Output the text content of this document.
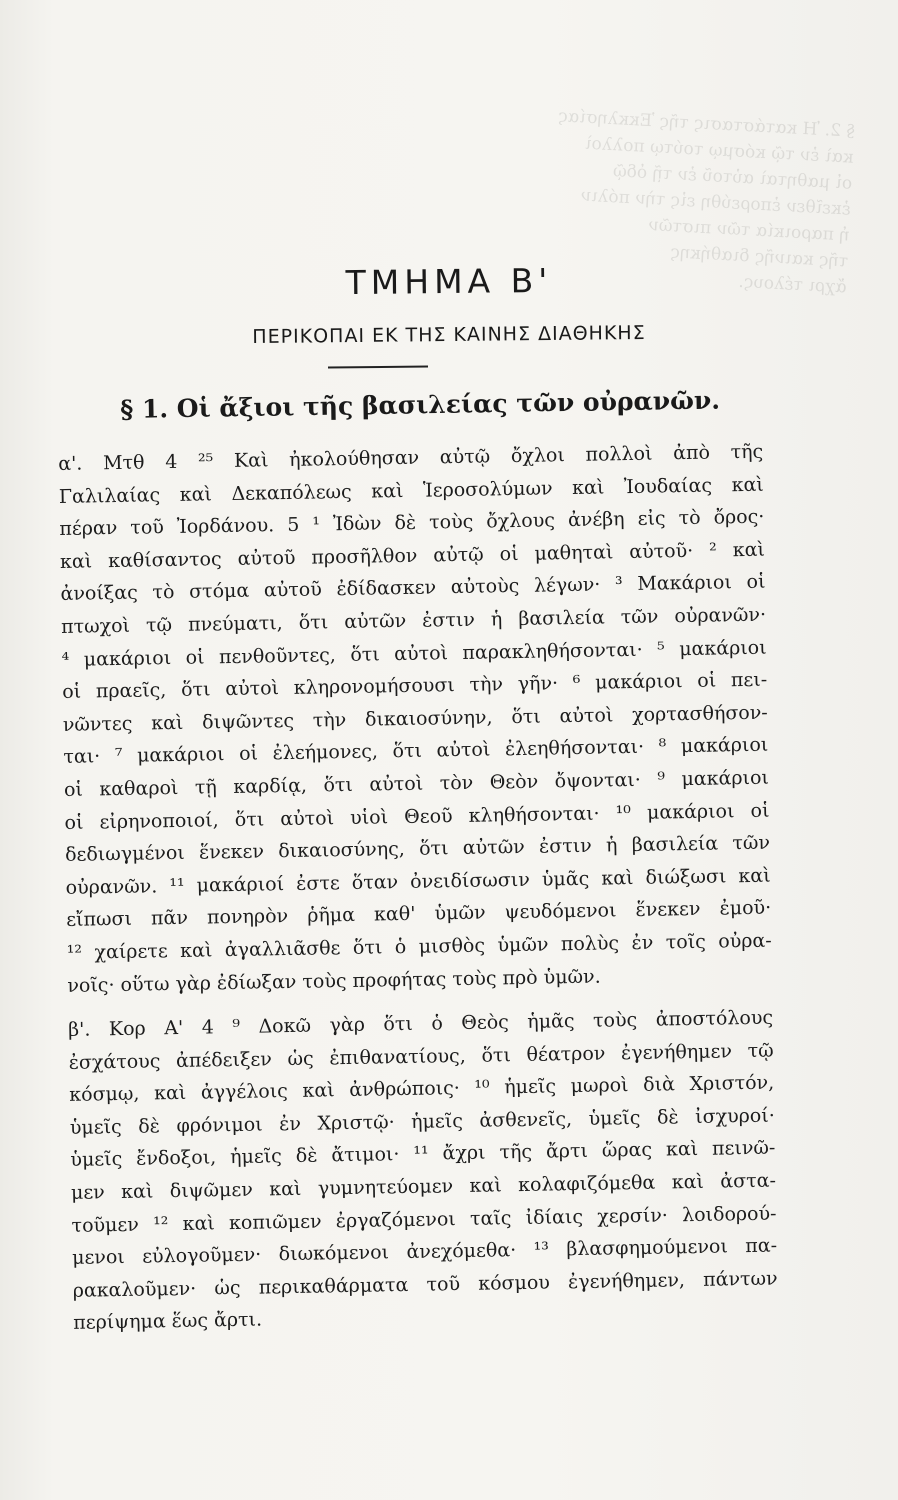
§ 2. Ἡ κατάστασις τῆς Ἐκκλησίας
καὶ ἐν τῷ κόσμῳ τούτῳ πολλοὶ
οἱ μαθηταὶ αὐτοῦ ἐν τῇ ὁδῷ
ἐκεῖθεν ἐπορεύθη εἰς τὴν πόλιν
ἡ παροικία τῶν πιστῶν
τῆς καινῆς διαθήκης
ἄχρι τέλους.
ΤΜΗΜΑ Β'
ΠΕΡΙΚΟΠΑΙ ΕΚ ΤΗΣ ΚΑΙΝΗΣ ΔΙΑΘΗΚΗΣ
§ 1. Οἱ ἄξιοι τῆς βασιλείας τῶν οὐρανῶν.
α'. Μτθ 4 ²⁵ Καὶ ἠκολούθησαν αὐτῷ ὄχλοι πολλοὶ ἀπὸ τῆς
Γαλιλαίας καὶ Δεκαπόλεως καὶ Ἱεροσολύμων καὶ Ἰουδαίας καὶ
πέραν τοῦ Ἰορδάνου. 5 ¹ Ἰδὼν δὲ τοὺς ὄχλους ἀνέβη εἰς τὸ ὄρος·
καὶ καθίσαντος αὐτοῦ προσῆλθον αὐτῷ οἱ μαθηταὶ αὐτοῦ· ² καὶ
ἀνοίξας τὸ στόμα αὐτοῦ ἐδίδασκεν αὐτοὺς λέγων· ³ Μακάριοι οἱ
πτωχοὶ τῷ πνεύματι, ὅτι αὐτῶν ἐστιν ἡ βασιλεία τῶν οὐρανῶν·
⁴ μακάριοι οἱ πενθοῦντες, ὅτι αὐτοὶ παρακληθήσονται· ⁵ μακάριοι
οἱ πραεῖς, ὅτι αὐτοὶ κληρονομήσουσι τὴν γῆν· ⁶ μακάριοι οἱ πει-
νῶντες καὶ διψῶντες τὴν δικαιοσύνην, ὅτι αὐτοὶ χορτασθήσον-
ται· ⁷ μακάριοι οἱ ἐλεήμονες, ὅτι αὐτοὶ ἐλεηθήσονται· ⁸ μακάριοι
οἱ καθαροὶ τῇ καρδίᾳ, ὅτι αὐτοὶ τὸν Θεὸν ὄψονται· ⁹ μακάριοι
οἱ εἰρηνοποιοί, ὅτι αὐτοὶ υἱοὶ Θεοῦ κληθήσονται· ¹⁰ μακάριοι οἱ
δεδιωγμένοι ἕνεκεν δικαιοσύνης, ὅτι αὐτῶν ἐστιν ἡ βασιλεία τῶν
οὐρανῶν. ¹¹ μακάριοί ἐστε ὅταν ὀνειδίσωσιν ὑμᾶς καὶ διώξωσι καὶ
εἴπωσι πᾶν πονηρὸν ῥῆμα καθ' ὑμῶν ψευδόμενοι ἕνεκεν ἐμοῦ·
¹² χαίρετε καὶ ἀγαλλιᾶσθε ὅτι ὁ μισθὸς ὑμῶν πολὺς ἐν τοῖς οὐρα-
νοῖς· οὕτω γὰρ ἐδίωξαν τοὺς προφήτας τοὺς πρὸ ὑμῶν.
β'. Κορ Α' 4 ⁹ Δοκῶ γὰρ ὅτι ὁ Θεὸς ἡμᾶς τοὺς ἀποστόλους
ἐσχάτους ἀπέδειξεν ὡς ἐπιθανατίους, ὅτι θέατρον ἐγενήθημεν τῷ
κόσμῳ, καὶ ἀγγέλοις καὶ ἀνθρώποις· ¹⁰ ἡμεῖς μωροὶ διὰ Χριστόν,
ὑμεῖς δὲ φρόνιμοι ἐν Χριστῷ· ἡμεῖς ἀσθενεῖς, ὑμεῖς δὲ ἰσχυροί·
ὑμεῖς ἔνδοξοι, ἡμεῖς δὲ ἄτιμοι· ¹¹ ἄχρι τῆς ἄρτι ὥρας καὶ πεινῶ-
μεν καὶ διψῶμεν καὶ γυμνητεύομεν καὶ κολαφιζόμεθα καὶ ἀστα-
τοῦμεν ¹² καὶ κοπιῶμεν ἐργαζόμενοι ταῖς ἰδίαις χερσίν· λοιδορού-
μενοι εὐλογοῦμεν· διωκόμενοι ἀνεχόμεθα· ¹³ βλασφημούμενοι πα-
ρακαλοῦμεν· ὡς περικαθάρματα τοῦ κόσμου ἐγενήθημεν, πάντων
περίψημα ἕως ἄρτι.
